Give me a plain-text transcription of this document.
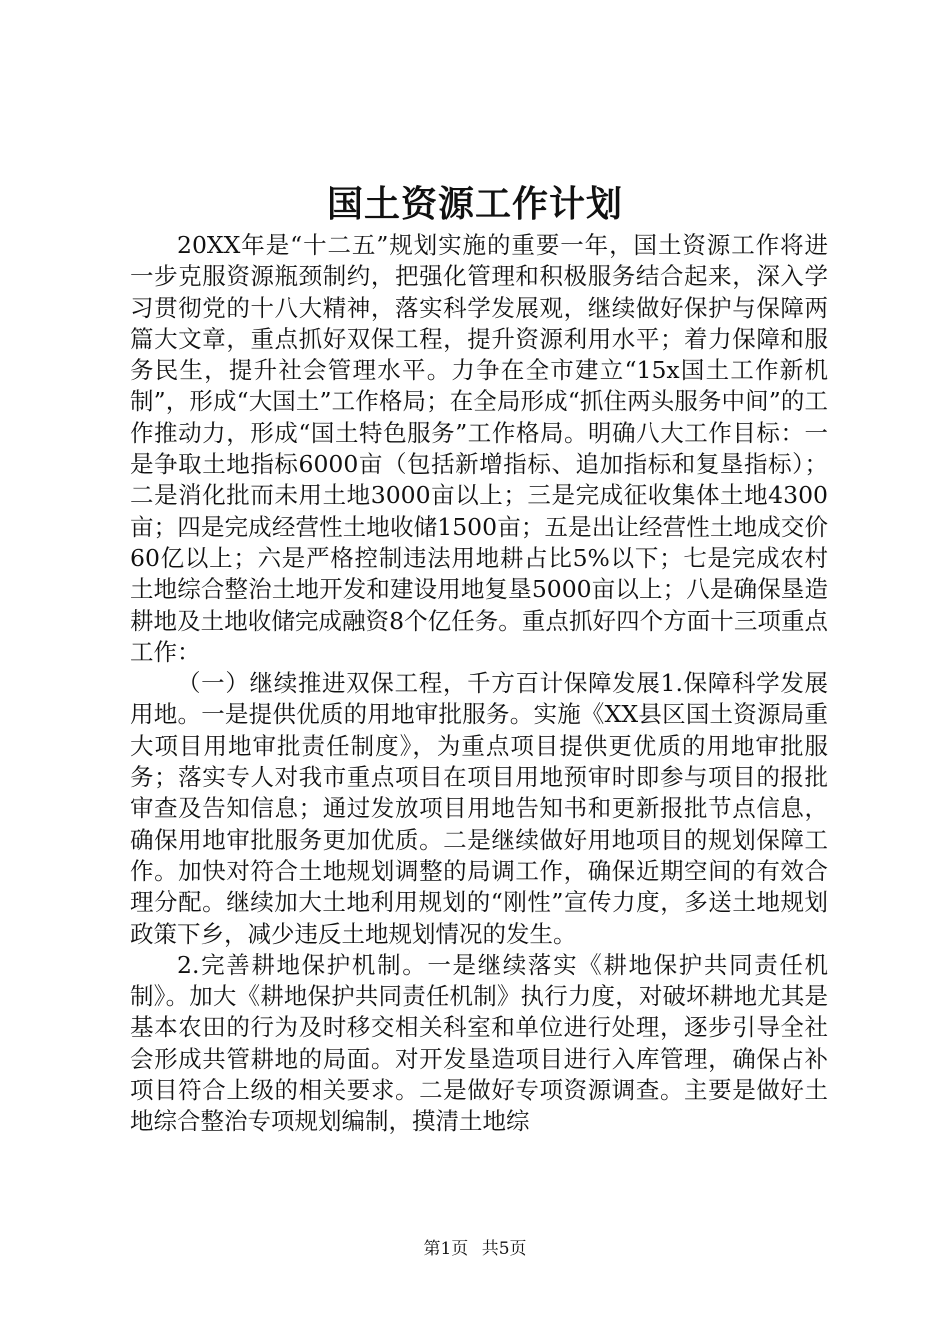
国土资源工作计划

20XX年是“十二五”规划实施的重要一年，国土资源工作将进一步克服资源瓶颈制约，把强化管理和积极服务结合起来，深入学习贯彻党的十八大精神，落实科学发展观，继续做好保护与保障两篇大文章，重点抓好双保工程，提升资源利用水平；着力保障和服务民生，提升社会管理水平。力争在全市建立“15x国土工作新机制”，形成“大国土”工作格局；在全局形成“抓住两头服务中间”的工作推动力，形成“国土特色服务”工作格局。明确八大工作目标：一是争取土地指标6000亩（包括新增指标、追加指标和复垦指标）；二是消化批而未用土地3000亩以上；三是完成征收集体土地4300亩；四是完成经营性土地收储1500亩；五是出让经营性土地成交价60亿以上；六是严格控制违法用地耕占比5%以下；七是完成农村土地综合整治土地开发和建设用地复垦5000亩以上；八是确保垦造耕地及土地收储完成融资8个亿任务。重点抓好四个方面十三项重点工作：

（一）继续推进双保工程，千方百计保障发展1.保障科学发展用地。一是提供优质的用地审批服务。实施《XX县区国土资源局重大项目用地审批责任制度》，为重点项目提供更优质的用地审批服务；落实专人对我市重点项目在项目用地预审时即参与项目的报批审查及告知信息；通过发放项目用地告知书和更新报批节点信息，确保用地审批服务更加优质。二是继续做好用地项目的规划保障工作。加快对符合土地规划调整的局调工作，确保近期空间的有效合理分配。继续加大土地利用规划的“刚性”宣传力度，多送土地规划政策下乡，减少违反土地规划情况的发生。

2.完善耕地保护机制。一是继续落实《耕地保护共同责任机制》。加大《耕地保护共同责任机制》执行力度，对破坏耕地尤其是基本农田的行为及时移交相关科室和单位进行处理，逐步引导全社会形成共管耕地的局面。对开发垦造项目进行入库管理，确保占补项目符合上级的相关要求。二是做好专项资源调查。主要是做好土地综合整治专项规划编制，摸清土地综

第1页 共5页
